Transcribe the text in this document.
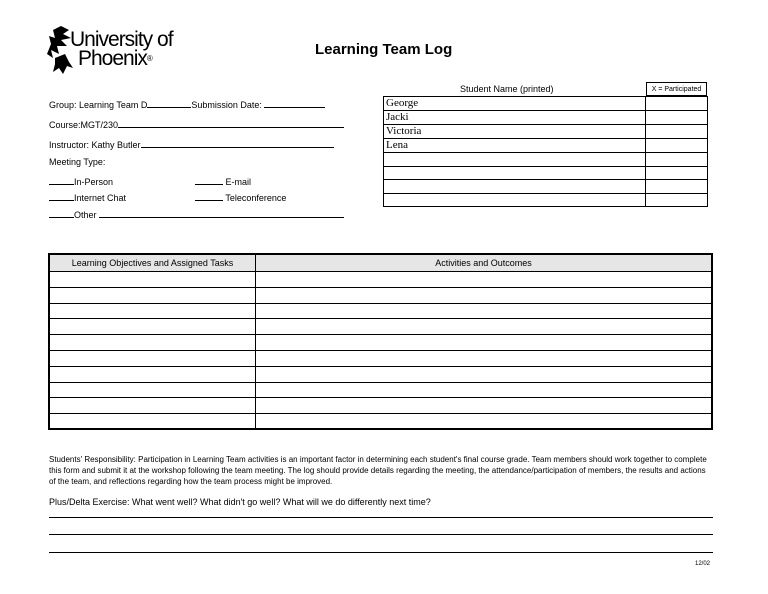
University of
Phoenix®
Learning Team Log
Group: Learning Team D	Submission Date:
Course:MGT/230
Instructor: Kathy Butler
Meeting Type:
In-Person	E-mail
Internet Chat	Teleconference
Other
Student Name (printed)	X = Participated
George	
Jacki	
Victoria	
Lena	

Learning Objectives and Assigned Tasks	Activities and Outcomes

Students' Responsibility: Participation in Learning Team activities is an important factor in determining each student's final course grade. Team members should work together to complete this form and submit it at the workshop following the team meeting. The log should provide details regarding the meeting, the attendance/participation of members, the results and actions of the team, and reflections regarding how the team process might be improved.
Plus/Delta Exercise: What went well? What didn't go well? What will we do differently next time?
12/02
